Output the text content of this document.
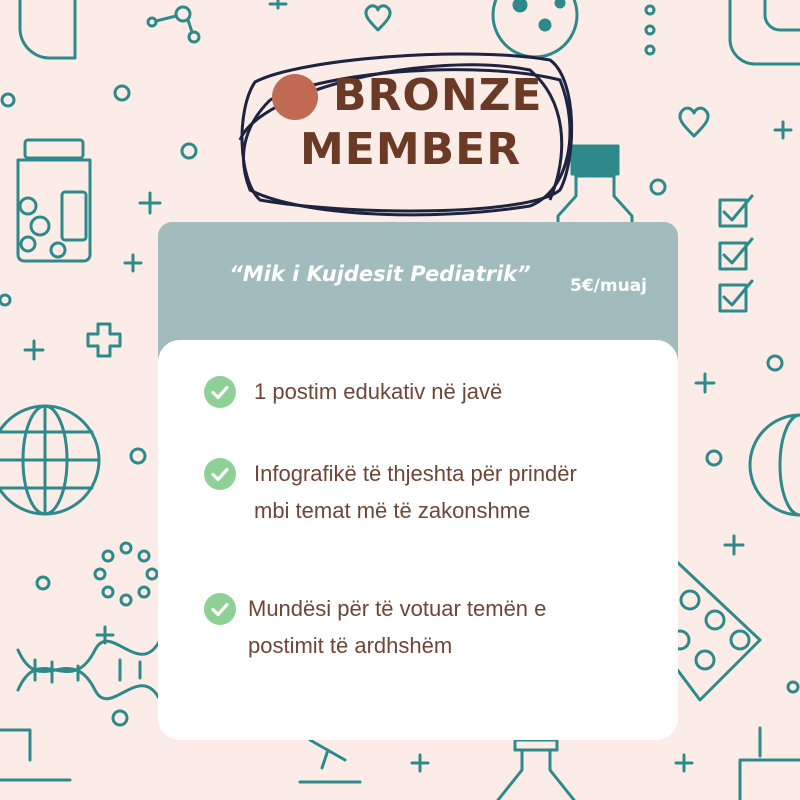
BRONZE
MEMBER
“Mik i Kujdesit Pediatrik”	5€/muaj
1 postim edukativ në javë
Infografikë të thjeshta për prindër mbi temat më të zakonshme
Mundësi për të votuar temën e postimit të ardhshëm
